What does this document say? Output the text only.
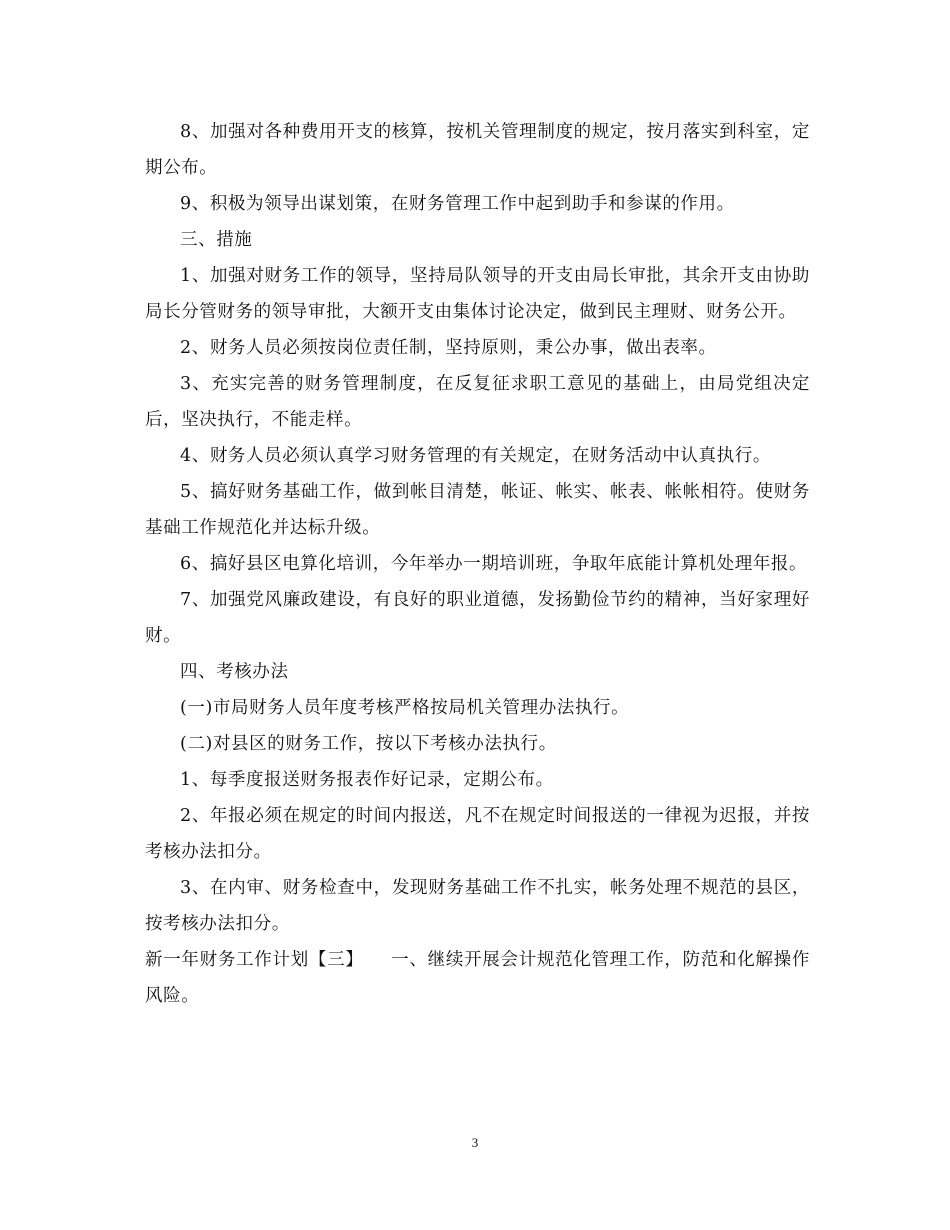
8、加强对各种费用开支的核算，按机关管理制度的规定，按月落实到科室，定期公布。

9、积极为领导出谋划策，在财务管理工作中起到助手和参谋的作用。

三、措施

1、加强对财务工作的领导，坚持局队领导的开支由局长审批，其余开支由协助局长分管财务的领导审批，大额开支由集体讨论决定，做到民主理财、财务公开。

2、财务人员必须按岗位责任制，坚持原则，秉公办事，做出表率。

3、充实完善的财务管理制度，在反复征求职工意见的基础上，由局党组决定后，坚决执行，不能走样。

4、财务人员必须认真学习财务管理的有关规定，在财务活动中认真执行。

5、搞好财务基础工作，做到帐目清楚，帐证、帐实、帐表、帐帐相符。使财务基础工作规范化并达标升级。

6、搞好县区电算化培训，今年举办一期培训班，争取年底能计算机处理年报。

7、加强党风廉政建设，有良好的职业道德，发扬勤俭节约的精神，当好家理好财。

四、考核办法

(一)市局财务人员年度考核严格按局机关管理办法执行。

(二)对县区的财务工作，按以下考核办法执行。

1、每季度报送财务报表作好记录，定期公布。

2、年报必须在规定的时间内报送，凡不在规定时间报送的一律视为迟报，并按考核办法扣分。

3、在内审、财务检查中，发现财务基础工作不扎实，帐务处理不规范的县区，按考核办法扣分。

新一年财务工作计划【三】　　一、继续开展会计规范化管理工作，防范和化解操作风险。

3
